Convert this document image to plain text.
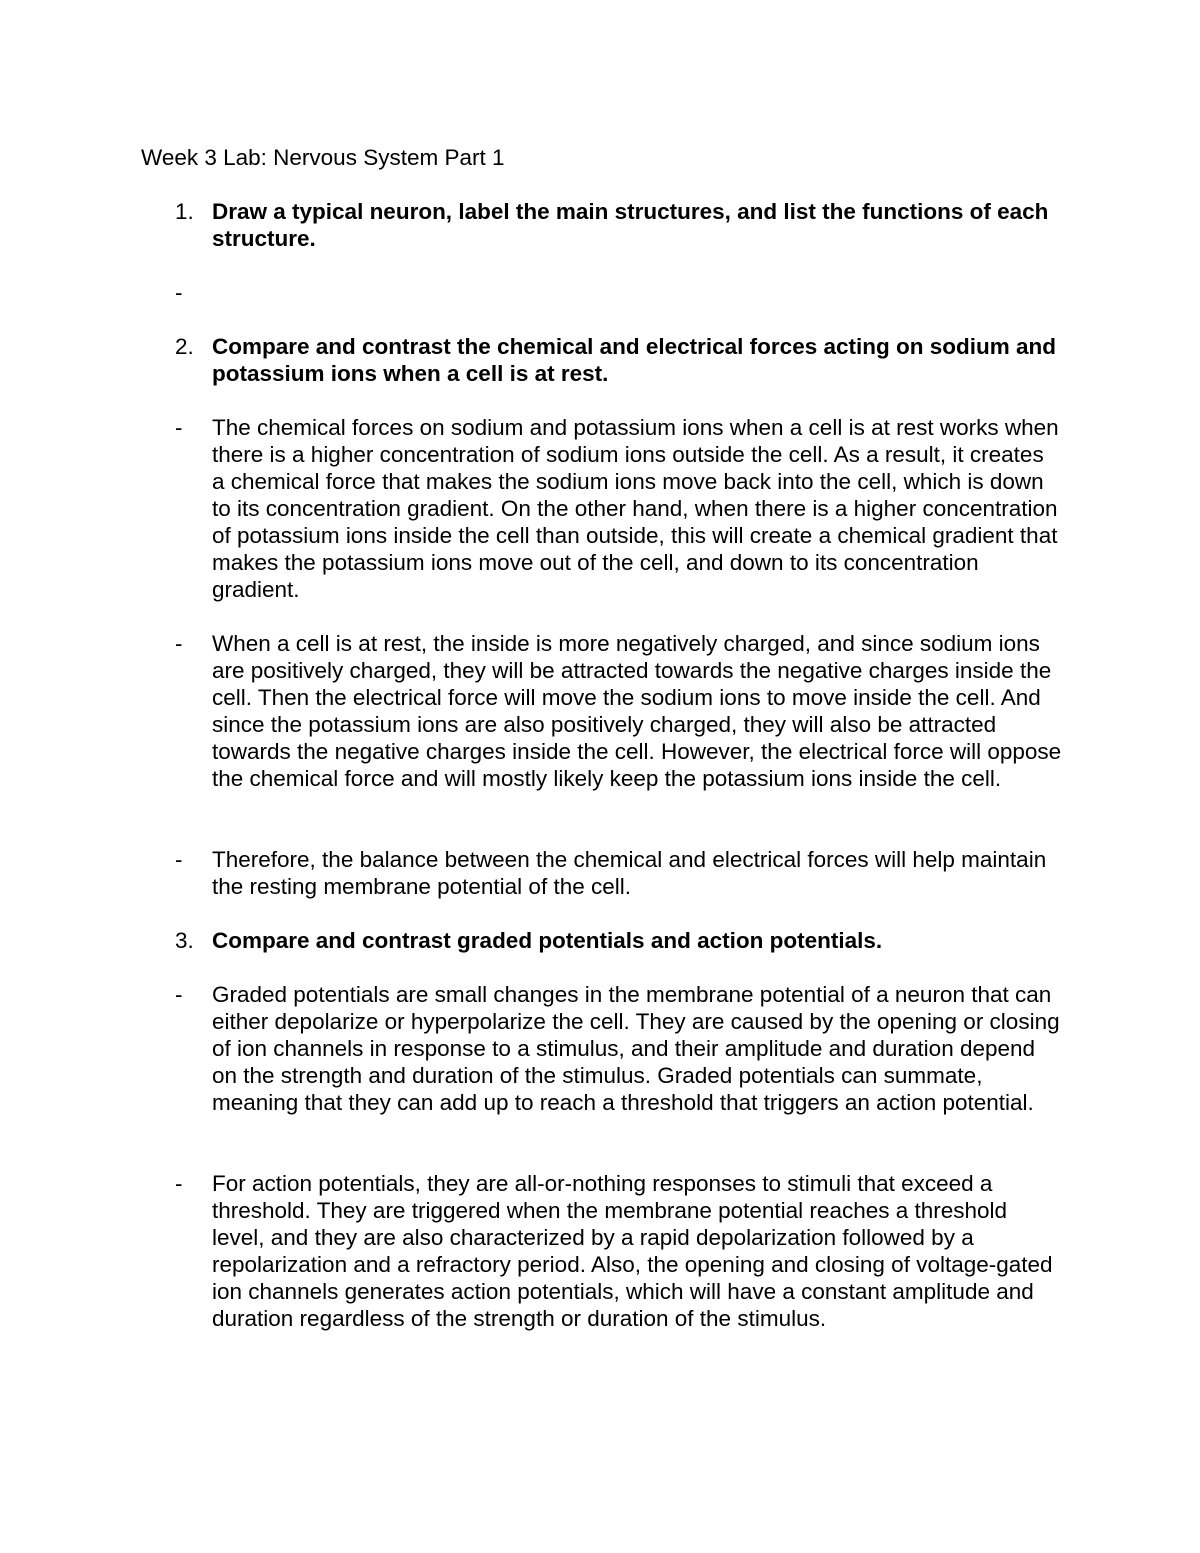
Week 3 Lab: Nervous System Part 1
1. Draw a typical neuron, label the main structures, and list the functions of each structure.
-
2. Compare and contrast the chemical and electrical forces acting on sodium and potassium ions when a cell is at rest.
- The chemical forces on sodium and potassium ions when a cell is at rest works when there is a higher concentration of sodium ions outside the cell. As a result, it creates a chemical force that makes the sodium ions move back into the cell, which is down to its concentration gradient. On the other hand, when there is a higher concentration of potassium ions inside the cell than outside, this will create a chemical gradient that makes the potassium ions move out of the cell, and down to its concentration gradient.
- When a cell is at rest, the inside is more negatively charged, and since sodium ions are positively charged, they will be attracted towards the negative charges inside the cell. Then the electrical force will move the sodium ions to move inside the cell. And since the potassium ions are also positively charged, they will also be attracted towards the negative charges inside the cell. However, the electrical force will oppose the chemical force and will mostly likely keep the potassium ions inside the cell.
- Therefore, the balance between the chemical and electrical forces will help maintain the resting membrane potential of the cell.
3. Compare and contrast graded potentials and action potentials.
- Graded potentials are small changes in the membrane potential of a neuron that can either depolarize or hyperpolarize the cell. They are caused by the opening or closing of ion channels in response to a stimulus, and their amplitude and duration depend on the strength and duration of the stimulus. Graded potentials can summate, meaning that they can add up to reach a threshold that triggers an action potential.
- For action potentials, they are all-or-nothing responses to stimuli that exceed a threshold. They are triggered when the membrane potential reaches a threshold level, and they are also characterized by a rapid depolarization followed by a repolarization and a refractory period. Also, the opening and closing of voltage-gated ion channels generates action potentials, which will have a constant amplitude and duration regardless of the strength or duration of the stimulus.
